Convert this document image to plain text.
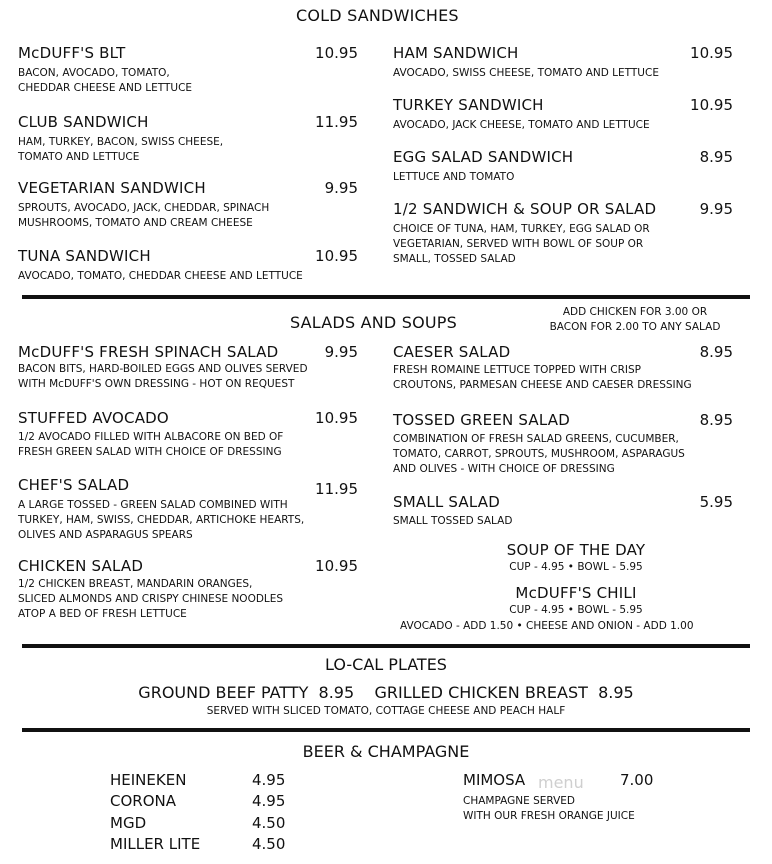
COLD SANDWICHES
McDUFF'S BLT	10.95
BACON, AVOCADO, TOMATO,
CHEDDAR CHEESE AND LETTUCE
CLUB SANDWICH	11.95
HAM, TURKEY, BACON, SWISS CHEESE,
TOMATO AND LETTUCE
VEGETARIAN SANDWICH	9.95
SPROUTS, AVOCADO, JACK, CHEDDAR, SPINACH
MUSHROOMS, TOMATO AND CREAM CHEESE
TUNA SANDWICH	10.95
AVOCADO, TOMATO, CHEDDAR CHEESE AND LETTUCE
HAM SANDWICH	10.95
AVOCADO, SWISS CHEESE, TOMATO AND LETTUCE
TURKEY SANDWICH	10.95
AVOCADO, JACK CHEESE, TOMATO AND LETTUCE
EGG SALAD SANDWICH	8.95
LETTUCE AND TOMATO
1/2 SANDWICH & SOUP OR SALAD	9.95
CHOICE OF TUNA, HAM, TURKEY, EGG SALAD OR
VEGETARIAN, SERVED WITH BOWL OF SOUP OR
SMALL, TOSSED SALAD
SALADS AND SOUPS
ADD CHICKEN FOR 3.00 OR
BACON FOR 2.00 TO ANY SALAD
McDUFF'S FRESH SPINACH SALAD	9.95
BACON BITS, HARD-BOILED EGGS AND OLIVES SERVED
WITH McDUFF'S OWN DRESSING - HOT ON REQUEST
STUFFED AVOCADO	10.95
1/2 AVOCADO FILLED WITH ALBACORE ON BED OF
FRESH GREEN SALAD WITH CHOICE OF DRESSING
CHEF'S SALAD	11.95
A LARGE TOSSED - GREEN SALAD COMBINED WITH
TURKEY, HAM, SWISS, CHEDDAR, ARTICHOKE HEARTS,
OLIVES AND ASPARAGUS SPEARS
CHICKEN SALAD	10.95
1/2 CHICKEN BREAST, MANDARIN ORANGES,
SLICED ALMONDS AND CRISPY CHINESE NOODLES
ATOP A BED OF FRESH LETTUCE
CAESER SALAD	8.95
FRESH ROMAINE LETTUCE TOPPED WITH CRISP
CROUTONS, PARMESAN CHEESE AND CAESER DRESSING
TOSSED GREEN SALAD	8.95
COMBINATION OF FRESH SALAD GREENS, CUCUMBER,
TOMATO, CARROT, SPROUTS, MUSHROOM, ASPARAGUS
AND OLIVES - WITH CHOICE OF DRESSING
SMALL SALAD	5.95
SMALL TOSSED SALAD
SOUP OF THE DAY
CUP - 4.95 • BOWL - 5.95
McDUFF'S CHILI
CUP - 4.95 • BOWL - 5.95
AVOCADO - ADD 1.50 • CHEESE AND ONION - ADD 1.00
LO-CAL PLATES
GROUND BEEF PATTY  8.95    GRILLED CHICKEN BREAST  8.95
SERVED WITH SLICED TOMATO, COTTAGE CHEESE AND PEACH HALF
BEER & CHAMPAGNE
HEINEKEN	4.95
CORONA	4.95
MGD	4.50
MILLER LITE	4.50
menu
MIMOSA	7.00
CHAMPAGNE SERVED
WITH OUR FRESH ORANGE JUICE
